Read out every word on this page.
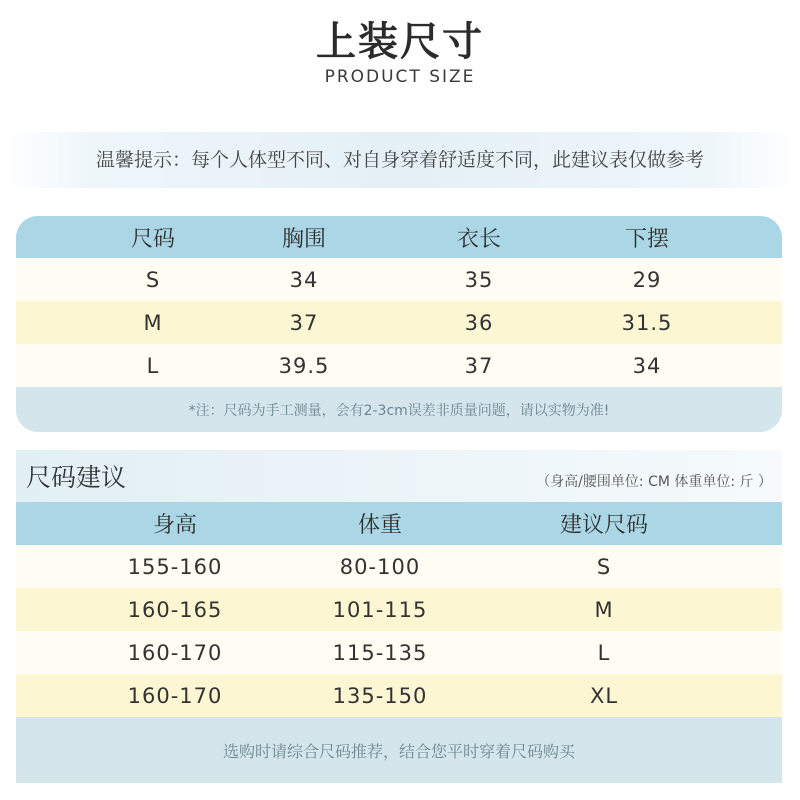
上装尺寸
PRODUCT SIZE
温馨提示：每个人体型不同、对自身穿着舒适度不同，此建议表仅做参考
尺码	胸围	衣长	下摆
S	34	35	29
M	37	36	31.5
L	39.5	37	34
*注：尺码为手工测量，会有2-3cm误差非质量问题，请以实物为准!
尺码建议	（身高/腰围单位: CM 体重单位: 斤 ）
身高	体重	建议尺码
155-160	80-100	S
160-165	101-115	M
160-170	115-135	L
160-170	135-150	XL
选购时请综合尺码推荐，结合您平时穿着尺码购买
